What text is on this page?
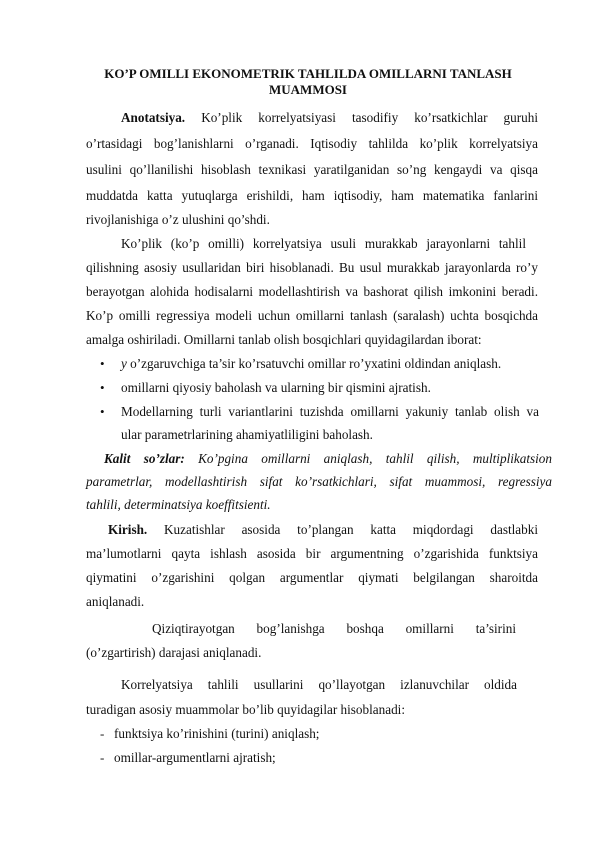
KO’P OMILLI EKONOMETRIK TAHLILDA OMILLARNI TANLASH
MUAMMOSI
Anotatsiya. Ko’plik korrelyatsiyasi tasodifiy ko’rsatkichlar guruhi
o’rtasidagi bog’lanishlarni o’rganadi. Iqtisodiy tahlilda ko’plik korrelyatsiya
usulini qo’llanilishi hisoblash texnikasi yaratilganidan so’ng kengaydi va qisqa
muddatda katta yutuqlarga erishildi, ham iqtisodiy, ham matematika fanlarini
rivojlanishiga o’z ulushini qo’shdi.
Ko’plik (ko’p omilli) korrelyatsiya usuli murakkab jarayonlarni tahlil
qilishning asosiy usullaridan biri hisoblanadi. Bu usul murakkab jarayonlarda ro’y
berayotgan alohida hodisalarni modellashtirish va bashorat qilish imkonini beradi.
Ko’p omilli regressiya modeli uchun omillarni tanlash (saralash) uchta bosqichda
amalga oshiriladi. Omillarni tanlab olish bosqichlari quyidagilardan iborat:
• y o’zgaruvchiga ta’sir ko’rsatuvchi omillar ro’yxatini oldindan aniqlash.
• omillarni qiyosiy baholash va ularning bir qismini ajratish.
• Modellarning turli variantlarini tuzishda omillarni yakuniy tanlab olish va
ular parametrlarining ahamiyatliligini baholash.
Kalit so’zlar: Ko’pgina omillarni aniqlash, tahlil qilish, multiplikatsion
parametrlar, modellashtirish sifat ko’rsatkichlari, sifat muammosi, regressiya
tahlili, determinatsiya koeffitsienti.
Kirish. Kuzatishlar asosida to’plangan katta miqdordagi dastlabki
ma’lumotlarni qayta ishlash asosida bir argumentning o’zgarishida funktsiya
qiymatini o’zgarishini qolgan argumentlar qiymati belgilangan sharoitda
aniqlanadi.
Qiziqtirayotgan bog’lanishga boshqa omillarni ta’sirini
(o’zgartirish) darajasi aniqlanadi.
Korrelyatsiya tahlili usullarini qo’llayotgan izlanuvchilar oldida
turadigan asosiy muammolar bo’lib quyidagilar hisoblanadi:
- funktsiya ko’rinishini (turini) aniqlash;
- omillar-argumentlarni ajratish;
